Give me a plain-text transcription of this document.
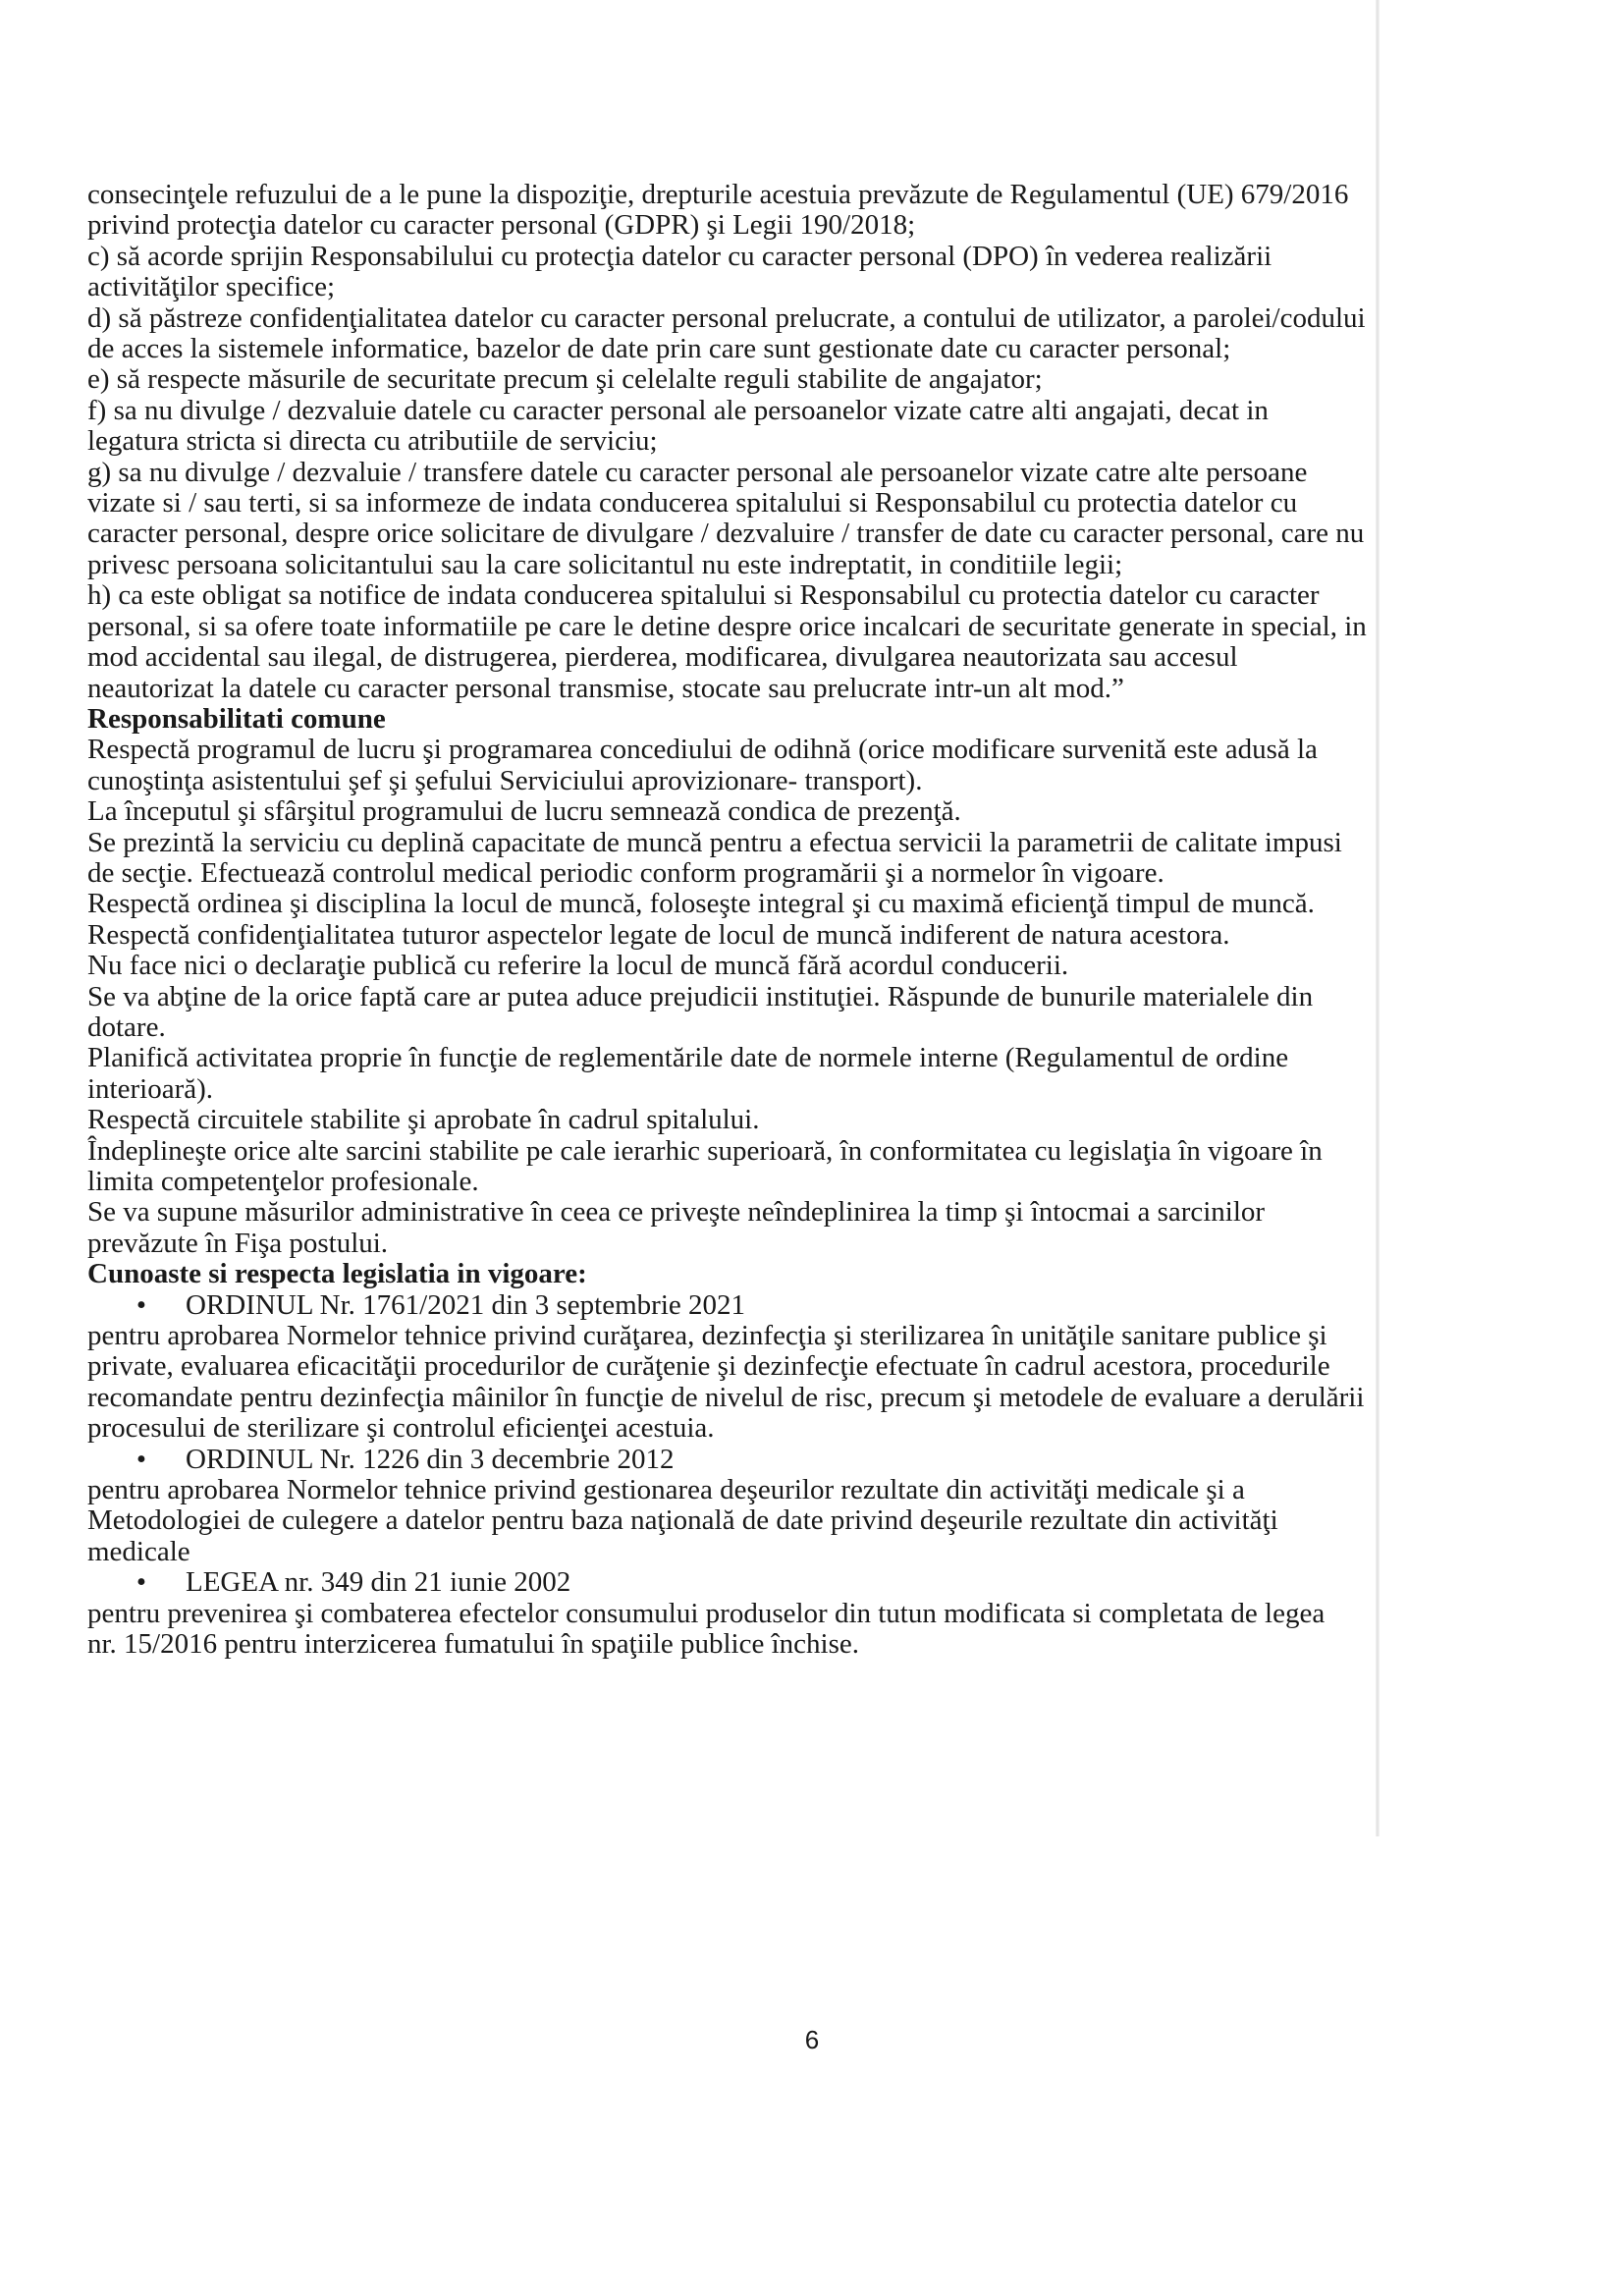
consecinţele refuzului de a le pune la dispoziţie, drepturile acestuia prevăzute de Regulamentul (UE) 679/2016

privind protecţia datelor cu caracter personal (GDPR) şi Legii 190/2018;

c) să acorde sprijin Responsabilului cu protecţia datelor cu caracter personal (DPO) în vederea realizării

activităţilor specifice;

d) să păstreze confidenţialitatea datelor cu caracter personal prelucrate, a contului de utilizator, a parolei/codului

de acces la sistemele informatice, bazelor de date prin care sunt gestionate date cu caracter personal;

e) să respecte măsurile de securitate precum şi celelalte reguli stabilite de angajator;

f) sa nu divulge / dezvaluie datele cu caracter personal ale persoanelor vizate catre alti angajati, decat in

legatura stricta si directa cu atributiile de serviciu;

g) sa nu divulge / dezvaluie / transfere datele cu caracter personal ale persoanelor vizate catre alte persoane

vizate si / sau terti, si sa informeze de indata conducerea spitalului si Responsabilul cu protectia datelor cu

caracter personal, despre orice solicitare de divulgare / dezvaluire / transfer de date cu caracter personal, care nu

privesc persoana solicitantului sau la care solicitantul nu este indreptatit, in conditiile legii;

h) ca este obligat sa notifice de indata conducerea spitalului si Responsabilul cu protectia datelor cu caracter

personal, si sa ofere toate informatiile pe care le detine despre orice incalcari de securitate generate in special, in

mod accidental sau ilegal, de distrugerea, pierderea, modificarea, divulgarea neautorizata sau accesul

neautorizat la datele cu caracter personal transmise, stocate sau prelucrate intr-un alt mod.”

Responsabilitati comune

Respectă programul de lucru şi programarea concediului de odihnă (orice modificare survenită este adusă la

cunoştinţa asistentului şef şi şefului Serviciului aprovizionare- transport).

La începutul şi sfârşitul programului de lucru semnează condica de prezenţă.

Se prezintă la serviciu cu deplină capacitate de muncă pentru a efectua servicii la parametrii de calitate impusi

de secţie. Efectuează controlul medical periodic conform programării şi a normelor în vigoare.

Respectă ordinea şi disciplina la locul de muncă, foloseşte integral şi cu maximă eficienţă timpul de muncă.

Respectă confidenţialitatea tuturor aspectelor legate de locul de muncă indiferent de natura acestora.

Nu face nici o declaraţie publică cu referire la locul de muncă fără acordul conducerii.

Se va abţine de la orice faptă care ar putea aduce prejudicii instituţiei. Răspunde de bunurile materialele din

dotare.

Planifică activitatea proprie în funcţie de reglementările date de normele interne (Regulamentul de ordine

interioară).

Respectă circuitele stabilite şi aprobate în cadrul spitalului.

Îndeplineşte orice alte sarcini stabilite pe cale ierarhic superioară, în conformitatea cu legislaţia în vigoare în

limita competenţelor profesionale.

Se va supune măsurilor administrative în ceea ce priveşte neîndeplinirea la timp şi întocmai a sarcinilor

prevăzute în Fişa postului.

Cunoaste si respecta legislatia in vigoare:

•	ORDINUL Nr. 1761/2021 din 3 septembrie 2021

pentru aprobarea Normelor tehnice privind curăţarea, dezinfecţia şi sterilizarea în unităţile sanitare publice şi

private, evaluarea eficacităţii procedurilor de curăţenie şi dezinfecţie efectuate în cadrul acestora, procedurile

recomandate pentru dezinfecţia mâinilor în funcţie de nivelul de risc, precum şi metodele de evaluare a derulării

procesului de sterilizare şi controlul eficienţei acestuia.

•	ORDINUL Nr. 1226 din 3 decembrie 2012

pentru aprobarea Normelor tehnice privind gestionarea deşeurilor rezultate din activităţi medicale şi a

Metodologiei de culegere a datelor pentru baza naţională de date privind deşeurile rezultate din activităţi

medicale

•	LEGEA nr. 349 din 21 iunie 2002

pentru prevenirea şi combaterea efectelor consumului produselor din tutun modificata si completata de legea

nr. 15/2016 pentru interzicerea fumatului în spaţiile publice închise.

6
